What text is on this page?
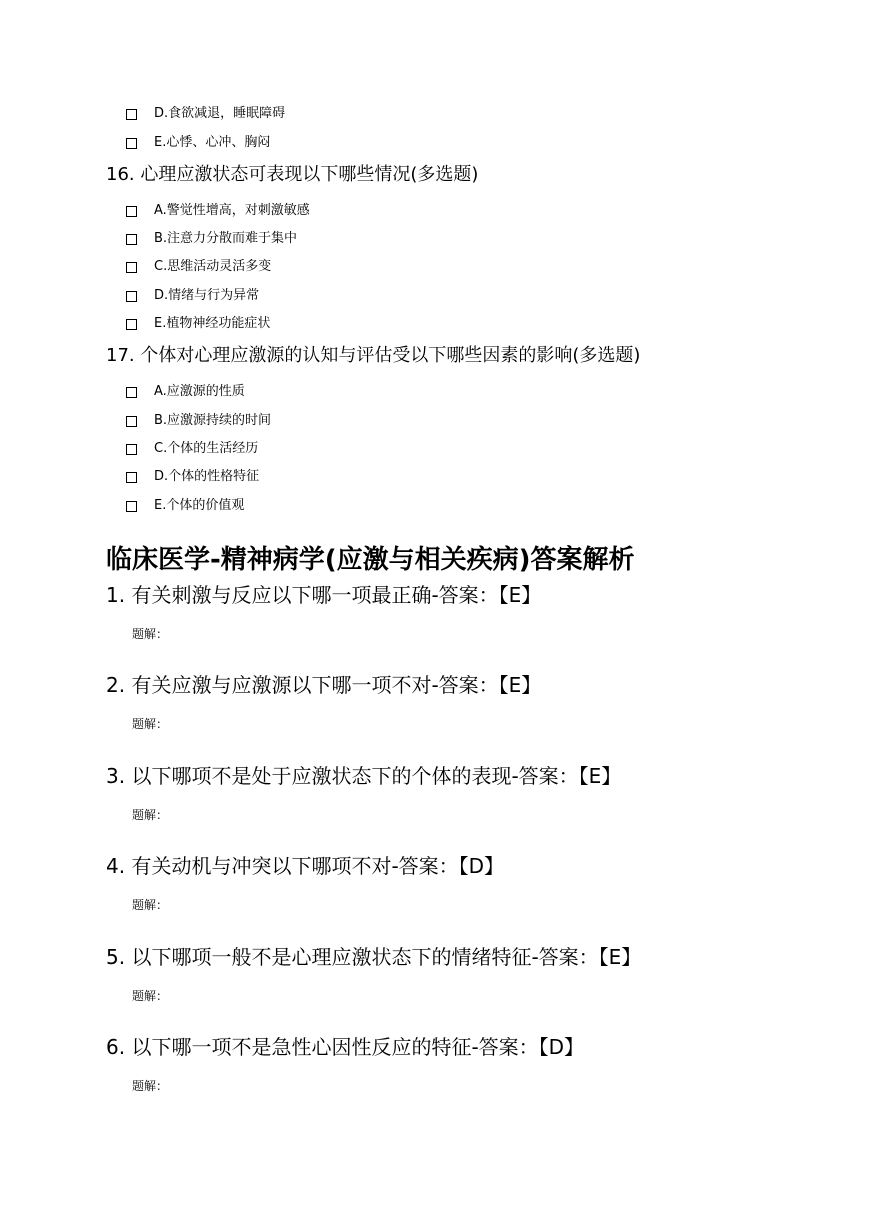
D.食欲减退，睡眠障碍
E.心悸、心冲、胸闷
16. 心理应激状态可表现以下哪些情况(多选题)
A.警觉性增高，对刺激敏感
B.注意力分散而难于集中
C.思维活动灵活多变
D.情绪与行为异常
E.植物神经功能症状
17. 个体对心理应激源的认知与评估受以下哪些因素的影响(多选题)
A.应激源的性质
B.应激源持续的时间
C.个体的生活经历
D.个体的性格特征
E.个体的价值观
临床医学-精神病学(应激与相关疾病)答案解析
1. 有关刺激与反应以下哪一项最正确-答案：【E】
题解：
2. 有关应激与应激源以下哪一项不对-答案：【E】
题解：
3. 以下哪项不是处于应激状态下的个体的表现-答案：【E】
题解：
4. 有关动机与冲突以下哪项不对-答案：【D】
题解：
5. 以下哪项一般不是心理应激状态下的情绪特征-答案：【E】
题解：
6. 以下哪一项不是急性心因性反应的特征-答案：【D】
题解：
